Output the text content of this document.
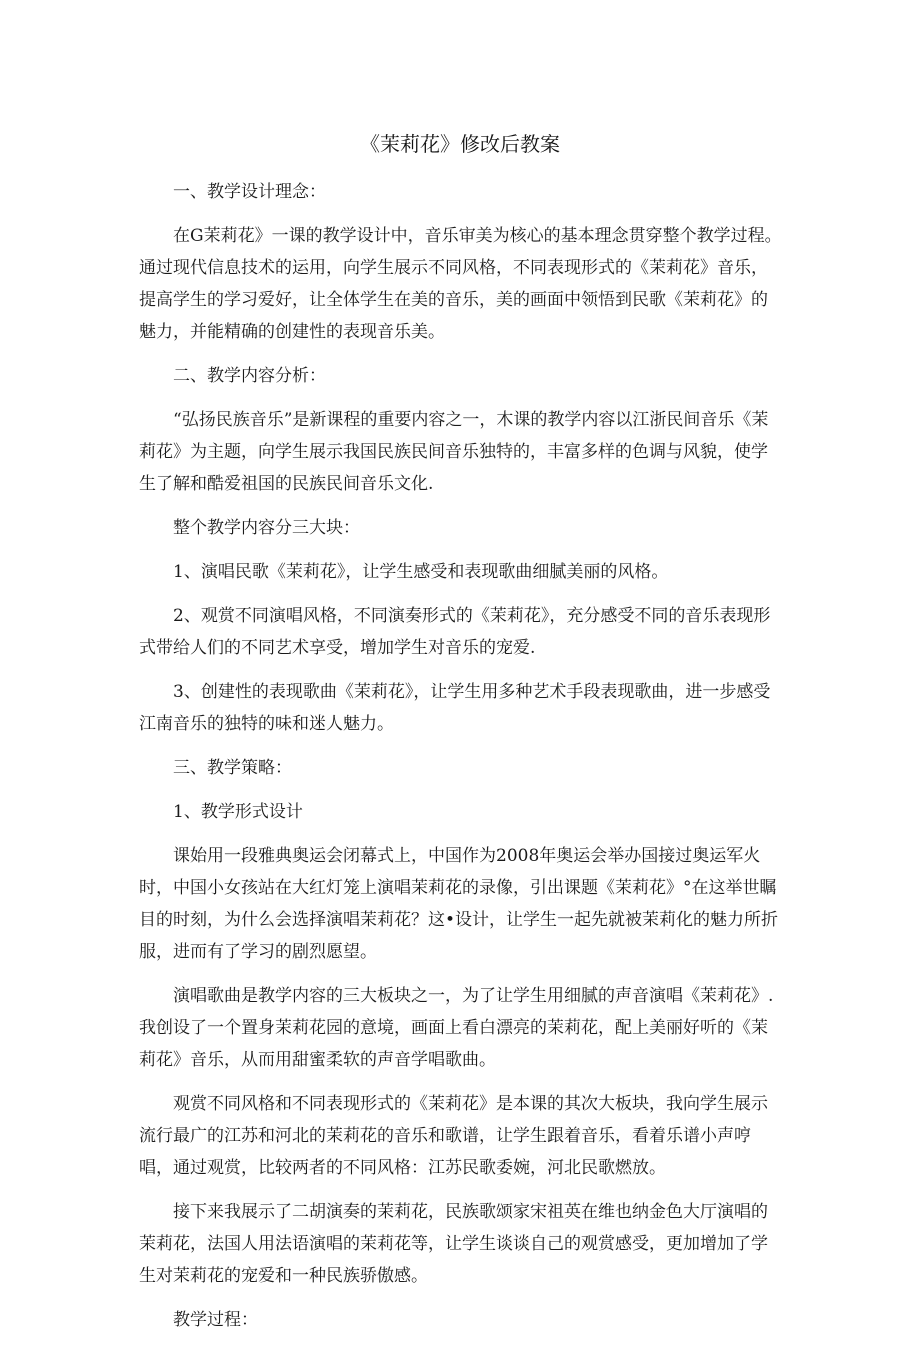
《茉莉花》修改后教案

一、教学设计理念：

在G茉莉花》一课的教学设计中，音乐审美为核心的基本理念贯穿整个教学过程。通过现代信息技术的运用，向学生展示不同风格，不同表现形式的《茉莉花》音乐，提高学生的学习爱好，让全体学生在美的音乐，美的画面中领悟到民歌《茉莉花》的魅力，并能精确的创建性的表现音乐美。

二、教学内容分析：

“弘扬民族音乐”是新课程的重要内容之一，木课的教学内容以江浙民间音乐《茉莉花》为主题，向学生展示我国民族民间音乐独特的，丰富多样的色调与风貌，使学生了解和酷爱祖国的民族民间音乐文化.

整个教学内容分三大块：

1、演唱民歌《茉莉花》，让学生感受和表现歌曲细腻美丽的风格。

2、观赏不同演唱风格，不同演奏形式的《茉莉花》，充分感受不同的音乐表现形式带给人们的不同艺术享受，增加学生对音乐的宠爱.

3、创建性的表现歌曲《茉莉花》，让学生用多种艺术手段表现歌曲，进一步感受江南音乐的独特的味和迷人魅力。

三、教学策略：

1、教学形式设计

课始用一段雅典奥运会闭幕式上，中国作为2008年奥运会举办国接过奥运军火时，中国小女孩站在大红灯笼上演唱茉莉花的录像，引出课题《茉莉花》°在这举世瞩目的时刻，为什么会选择演唱茉莉花？这•设计，让学生一起先就被茉莉化的魅力所折服，进而有了学习的剧烈愿望。

演唱歌曲是教学内容的三大板块之一，为了让学生用细腻的声音演唱《茉莉花》.我创设了一个置身茉莉花园的意境，画面上看白漂亮的茉莉花，配上美丽好听的《茉莉花》音乐，从而用甜蜜柔软的声音学唱歌曲。

观赏不同风格和不同表现形式的《茉莉花》是本课的其次大板块，我向学生展示流行最广的江苏和河北的茉莉花的音乐和歌谱，让学生跟着音乐，看着乐谱小声哼唱，通过观赏，比较两者的不同风格：江苏民歌委婉，河北民歌燃放。

接下来我展示了二胡演奏的茉莉花，民族歌颂家宋祖英在维也纳金色大厅演唱的茉莉花，法国人用法语演唱的茉莉花等，让学生谈谈自己的观赏感受，更加增加了学生对茉莉花的宠爱和一种民族骄傲感。

教学过程：
